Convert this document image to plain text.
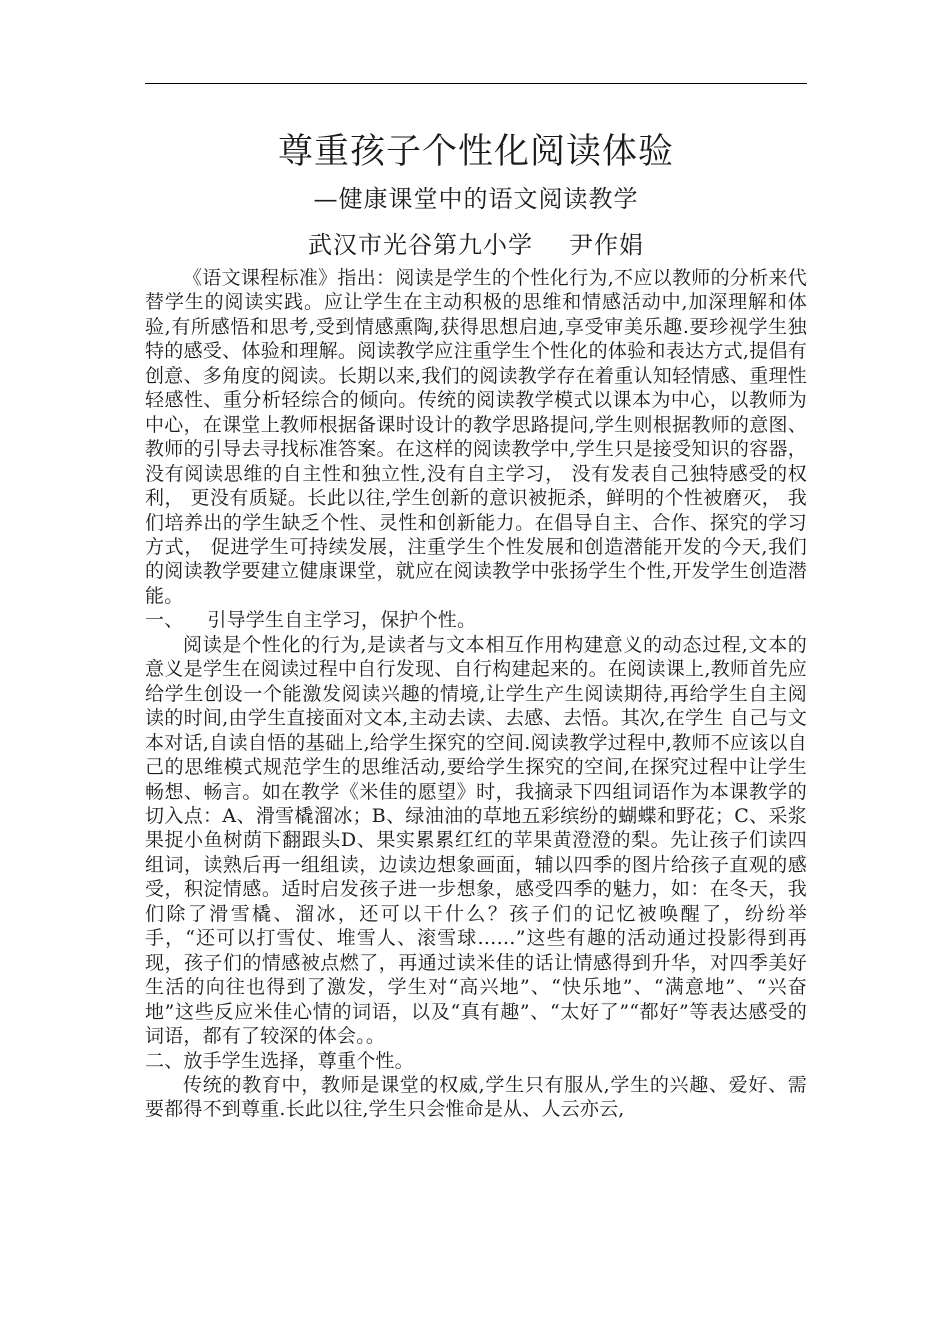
尊重孩子个性化阅读体验
—健康课堂中的语文阅读教学
武汉市光谷第九小学 尹作娟

《语文课程标准》指出：阅读是学生的个性化行为,不应以教师的分析来代替学生的阅读实践。应让学生在主动积极的思维和情感活动中,加深理解和体验,有所感悟和思考,受到情感熏陶,获得思想启迪,享受审美乐趣.要珍视学生独特的感受、体验和理解。阅读教学应注重学生个性化的体验和表达方式,提倡有创意、多角度的阅读。长期以来,我们的阅读教学存在着重认知轻情感、重理性轻感性、重分析轻综合的倾向。传统的阅读教学模式以课本为中心，以教师为中心，在课堂上教师根据备课时设计的教学思路提问,学生则根据教师的意图、教师的引导去寻找标准答案。在这样的阅读教学中,学生只是接受知识的容器，没有阅读思维的自主性和独立性,没有自主学习， 没有发表自己独特感受的权利， 更没有质疑。长此以往,学生创新的意识被扼杀，鲜明的个性被磨灭， 我们培养出的学生缺乏个性、灵性和创新能力。在倡导自主、合作、探究的学习方式， 促进学生可持续发展，注重学生个性发展和创造潜能开发的今天,我们的阅读教学要建立健康课堂，就应在阅读教学中张扬学生个性,开发学生创造潜能。

一、 引导学生自主学习，保护个性。

阅读是个性化的行为,是读者与文本相互作用构建意义的动态过程,文本的意义是学生在阅读过程中自行发现、自行构建起来的。在阅读课上,教师首先应给学生创设一个能激发阅读兴趣的情境,让学生产生阅读期待,再给学生自主阅读的时间,由学生直接面对文本,主动去读、去感、去悟。其次,在学生 自己与文本对话,自读自悟的基础上,给学生探究的空间.阅读教学过程中,教师不应该以自己的思维模式规范学生的思维活动,要给学生探究的空间,在探究过程中让学生畅想、畅言。如在教学《米佳的愿望》时，我摘录下四组词语作为本课教学的切入点：A、滑雪橇溜冰；B、绿油油的草地五彩缤纷的蝴蝶和野花；C、采浆果捉小鱼树荫下翻跟头D、果实累累红红的苹果黄澄澄的梨。先让孩子们读四组词，读熟后再一组组读，边读边想象画面，辅以四季的图片给孩子直观的感受，积淀情感。适时启发孩子进一步想象，感受四季的魅力，如：在冬天，我们除了滑雪橇、溜冰，还可以干什么？孩子们的记忆被唤醒了，纷纷举手，“还可以打雪仗、堆雪人、滚雪球……”这些有趣的活动通过投影得到再现，孩子们的情感被点燃了，再通过读米佳的话让情感得到升华，对四季美好生活的向往也得到了激发，学生对“高兴地”、“快乐地”、“满意地”、“兴奋地”这些反应米佳心情的词语，以及“真有趣”、“太好了”“都好”等表达感受的词语，都有了较深的体会。。

二、放手学生选择，尊重个性。

传统的教育中，教师是课堂的权威,学生只有服从,学生的兴趣、爱好、需要都得不到尊重.长此以往,学生只会惟命是从、人云亦云,
